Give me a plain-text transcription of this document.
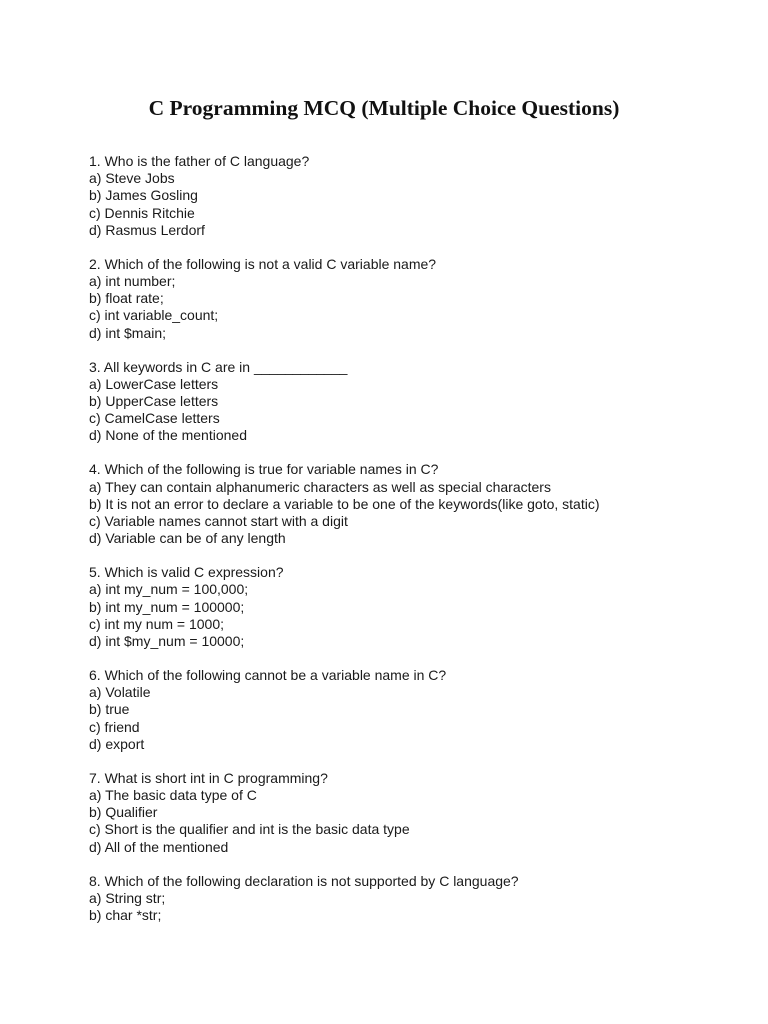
C Programming MCQ (Multiple Choice Questions)
1. Who is the father of C language?
a) Steve Jobs
b) James Gosling
c) Dennis Ritchie
d) Rasmus Lerdorf
2. Which of the following is not a valid C variable name?
a) int number;
b) float rate;
c) int variable_count;
d) int $main;
3. All keywords in C are in ____________
a) LowerCase letters
b) UpperCase letters
c) CamelCase letters
d) None of the mentioned
4. Which of the following is true for variable names in C?
a) They can contain alphanumeric characters as well as special characters
b) It is not an error to declare a variable to be one of the keywords(like goto, static)
c) Variable names cannot start with a digit
d) Variable can be of any length
5. Which is valid C expression?
a) int my_num = 100,000;
b) int my_num = 100000;
c) int my num = 1000;
d) int $my_num = 10000;
6. Which of the following cannot be a variable name in C?
a) Volatile
b) true
c) friend
d) export
7. What is short int in C programming?
a) The basic data type of C
b) Qualifier
c) Short is the qualifier and int is the basic data type
d) All of the mentioned
8. Which of the following declaration is not supported by C language?
a) String str;
b) char *str;
